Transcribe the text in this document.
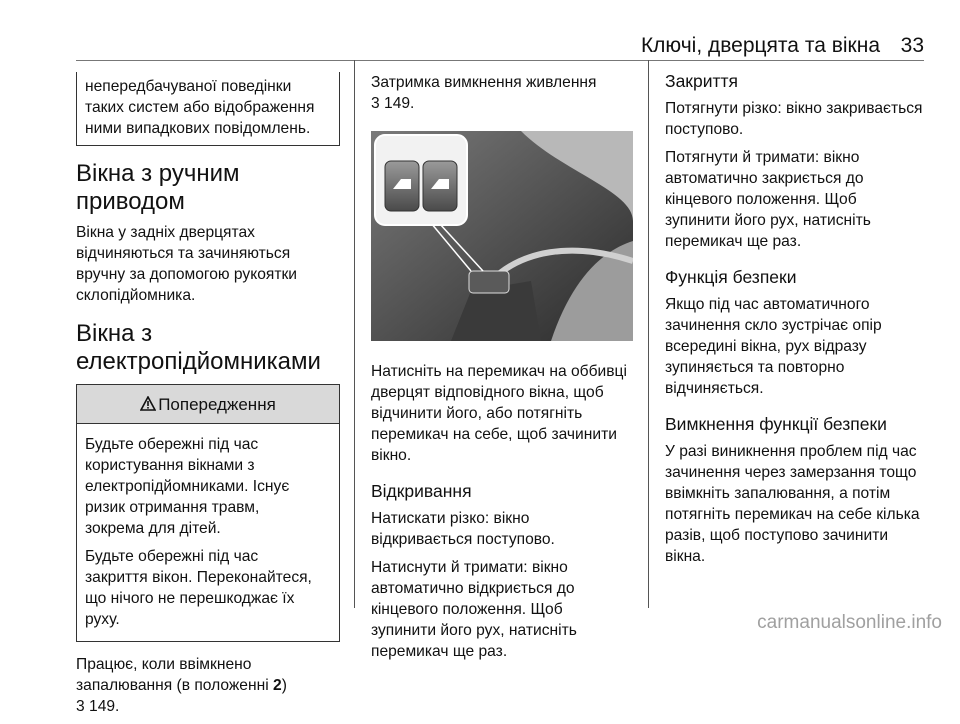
Ключі, дверцята та вікна 33
непередбачуваної поведінки
таких систем або відображення
ними випадкових повідомлень.
Вікна з ручним приводом

Вікна у задніх дверцятах
відчиняються та зачиняються
вручну за допомогою рукоятки
склопідйомника.

Вікна з
електропідйомниками
Попередження

Будьте обережні під час
користування вікнами з
електропідйомниками. Існує
ризик отримання травм,
зокрема для дітей.

Будьте обережні під час
закриття вікон. Переконайтеся,
що нічого не перешкоджає їх
руху.

Працює, коли ввімкнено
запалювання (в положенні 2)
3 149.

Затримка вимкнення живлення
3 149.

Натисніть на перемикач на оббивці
дверцят відповідного вікна, щоб
відчинити його, або потягніть
перемикач на себе, щоб зачинити
вікно.

Відкривання

Натискати різко: вікно
відкривається поступово.

Натиснути й тримати: вікно
автоматично відкриється до
кінцевого положення. Щоб
зупинити його рух, натисніть
перемикач ще раз.

Закриття

Потягнути різко: вікно закривається
поступово.

Потягнути й тримати: вікно
автоматично закриється до
кінцевого положення. Щоб
зупинити його рух, натисніть
перемикач ще раз.

Функція безпеки

Якщо під час автоматичного
зачинення скло зустрічає опір
всередині вікна, рух відразу
зупиняється та повторно
відчиняється.

Вимкнення функції безпеки

У разі виникнення проблем під час
зачинення через замерзання тощо
ввімкніть запалювання, а потім
потягніть перемикач на себе кілька
разів, щоб поступово зачинити
вікна.

carmanualsonline.info
